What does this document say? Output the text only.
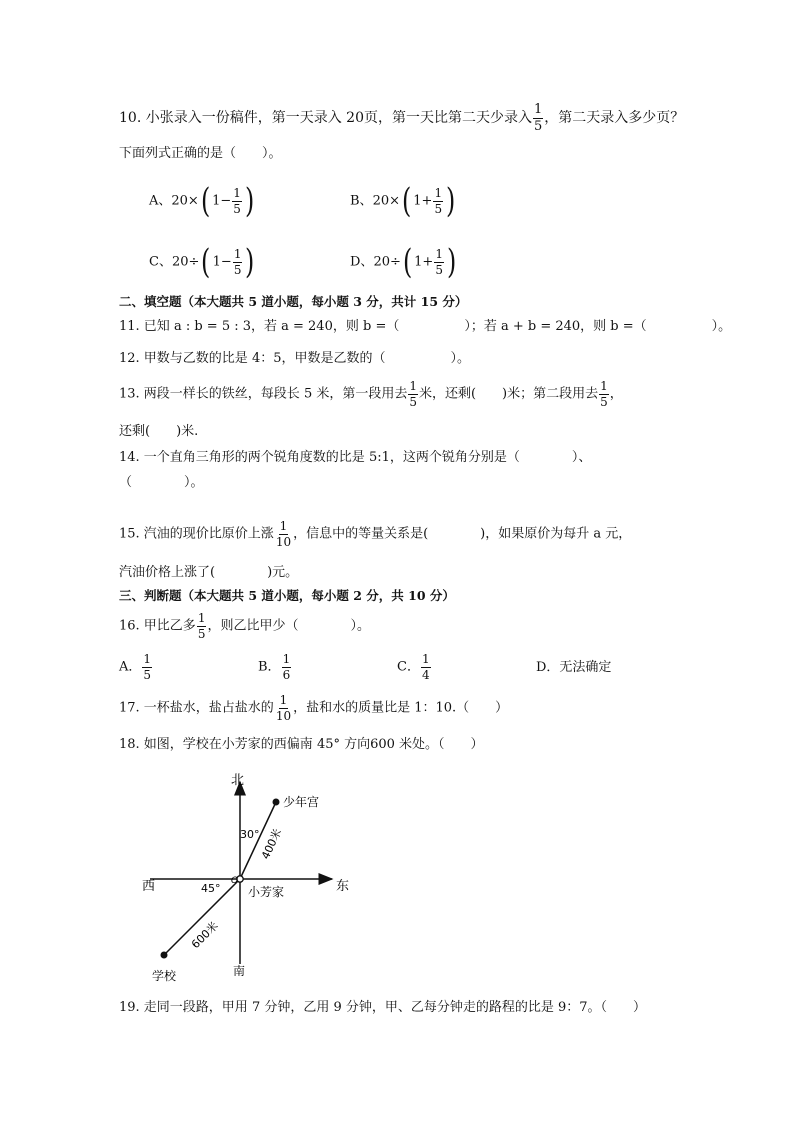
10. 小张录入一份稿件，第一天录入 20页，第一天比第二天少录入 $\frac{1}{5}$ ，第二天录入多少页？
下面列式正确的是（　　）。
A、20×( $1- \frac{1}{5}$ )	B、20×( $1+ \frac{1}{5}$ )
C、20÷( $1- \frac{1}{5}$ )	D、20÷( $1+ \frac{1}{5}$ )
二、填空题（本大题共 5 道小题，每小题 3 分，共计 15 分）
11. 已知 a : b = 5 : 3，若 a = 240，则 b =（　　　　　）；若 a + b = 240，则 b =（　　　　　）。
12. 甲数与乙数的比是 4：5，甲数是乙数的（　　　　　）。
13. 两段一样长的铁丝，每段长 5 米，第一段用去 $\frac{1}{5}$ 米，还剩(　　)米；第二段用去 $\frac{1}{5}$ ，
还剩(　　)米.
14. 一个直角三角形的两个锐角度数的比是 5:1，这两个锐角分别是（　　　　）、
（　　　　）。
15. 汽油的现价比原价上涨 $\frac{1}{10}$ ，信息中的等量关系是(　　　　)，如果原价为每升 a 元，
汽油价格上涨了(　　　　)元。
三、判断题（本大题共 5 道小题，每小题 2 分，共 10 分）
16. 甲比乙多 $\frac{1}{5}$ ，则乙比甲少（　　　　）。
A． $\frac{1}{5}$	B． $\frac{1}{6}$	C． $\frac{1}{4}$	D．无法确定
17. 一杯盐水，盐占盐水的 $\frac{1}{10}$ ，盐和水的质量比是 1：10.（　　）
18. 如图，学校在小芳家的西偏南 45° 方向600 米处。（　　）
北
南
东
西
少年宫
学校
小芳家
O
30°
45°
400米
600米
19. 走同一段路，甲用 7 分钟，乙用 9 分钟，甲、乙每分钟走的路程的比是 9：7。（　　）
